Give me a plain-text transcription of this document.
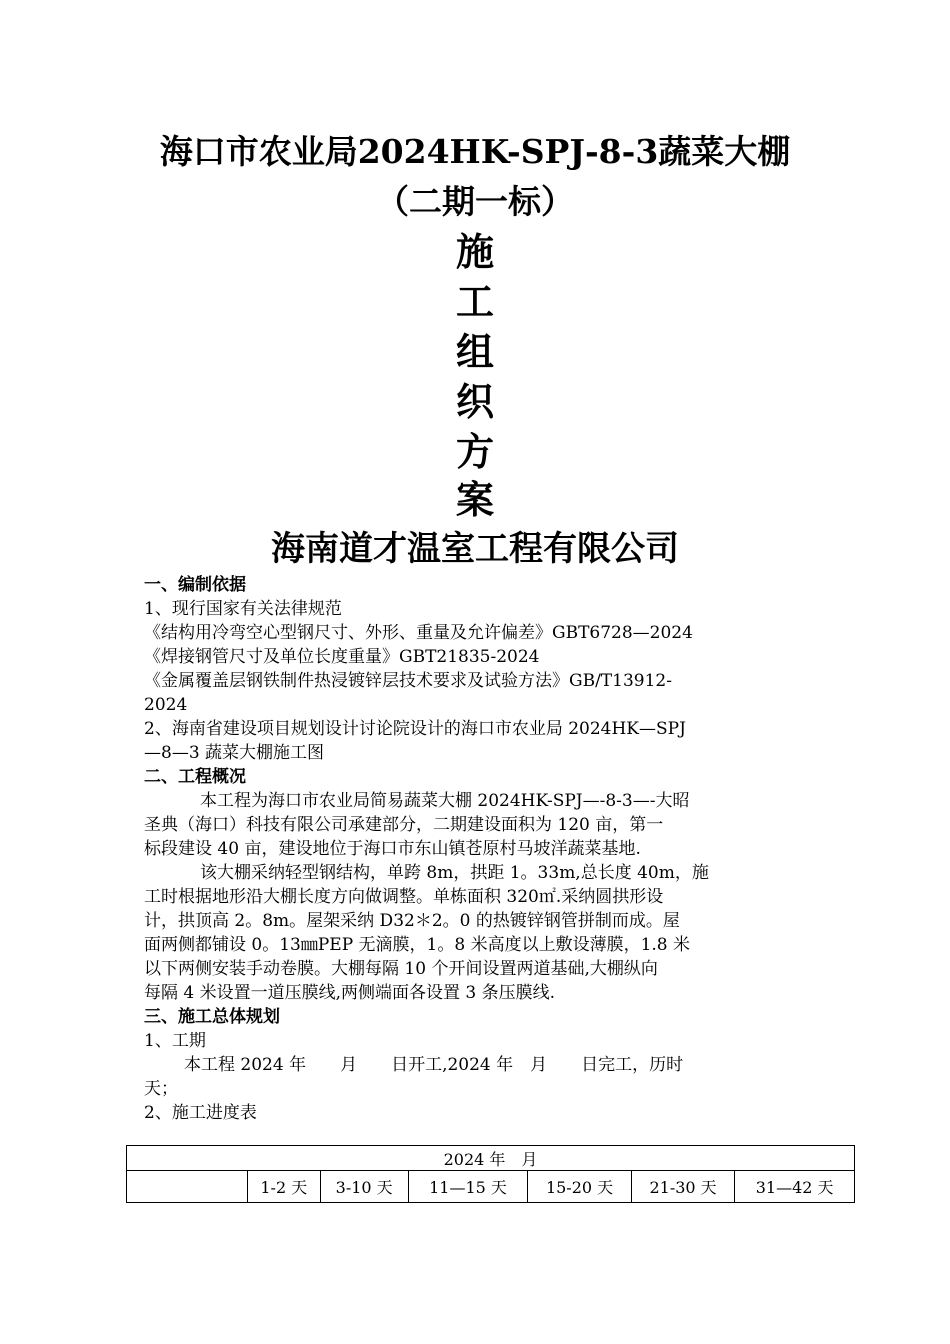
海口市农业局2024HK-SPJ-8-3蔬菜大棚
（二期一标）
施
工
组
织
方
案
海南道才温室工程有限公司
一、编制依据
1、现行国家有关法律规范
《结构用冷弯空心型钢尺寸、外形、重量及允许偏差》GBT6728—2024
《焊接钢管尺寸及单位长度重量》GBT21835-2024
《金属覆盖层钢铁制件热浸镀锌层技术要求及试验方法》GB/T13912-
2024
2、海南省建设项目规划设计讨论院设计的海口市农业局 2024HK—SPJ
—8—3 蔬菜大棚施工图
二、工程概况
本工程为海口市农业局简易蔬菜大棚 2024HK-SPJ—-8-3—-大昭
圣典（海口）科技有限公司承建部分，二期建设面积为 120 亩，第一
标段建设 40 亩，建设地位于海口市东山镇苍原村马坡洋蔬菜基地.
该大棚采纳轻型钢结构，单跨 8m，拱距 1。33m,总长度 40m，施
工时根据地形沿大棚长度方向做调整。单栋面积 320㎡.采纳圆拱形设
计，拱顶高 2。8m。屋架采纳 D32＊2。0 的热镀锌钢管拼制而成。屋
面两侧都铺设 0。13㎜PEP 无滴膜，1。8 米高度以上敷设薄膜，1.8 米
以下两侧安装手动卷膜。大棚每隔 10 个开间设置两道基础,大棚纵向
每隔 4 米设置一道压膜线,两侧端面各设置 3 条压膜线.
三、施工总体规划
1、工期
本工程 2024 年　　月　　日开工,2024 年　月　　日完工，历时
天；
2、施工进度表
2024 年　月
	1-2 天	3-10 天	11—15 天	15-20 天	21-30 天	31—42 天
